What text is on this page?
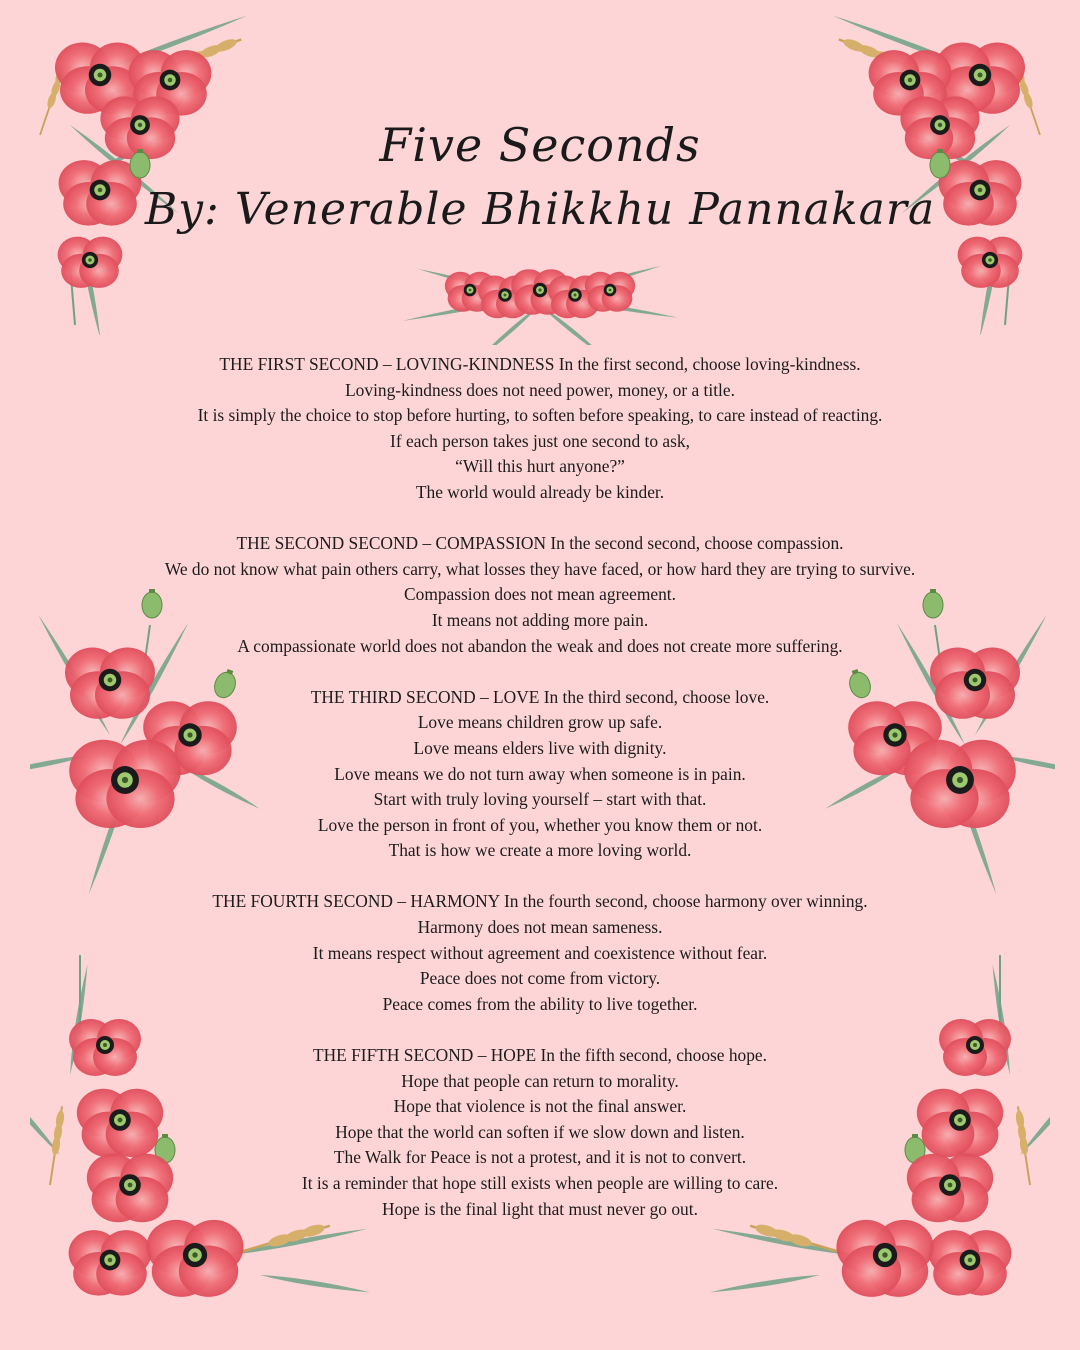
Five Seconds
By: Venerable Bhikkhu Pannakara

THE FIRST SECOND – LOVING-KINDNESS In the first second, choose loving-kindness.
Loving-kindness does not need power, money, or a title.
It is simply the choice to stop before hurting, to soften before speaking, to care instead of reacting.
If each person takes just one second to ask,
“Will this hurt anyone?”
The world would already be kinder.

THE SECOND SECOND – COMPASSION In the second second, choose compassion.
We do not know what pain others carry, what losses they have faced, or how hard they are trying to survive.
Compassion does not mean agreement.
It means not adding more pain.
A compassionate world does not abandon the weak and does not create more suffering.

THE THIRD SECOND – LOVE In the third second, choose love.
Love means children grow up safe.
Love means elders live with dignity.
Love means we do not turn away when someone is in pain.
Start with truly loving yourself – start with that.
Love the person in front of you, whether you know them or not.
That is how we create a more loving world.

THE FOURTH SECOND – HARMONY In the fourth second, choose harmony over winning.
Harmony does not mean sameness.
It means respect without agreement and coexistence without fear.
Peace does not come from victory.
Peace comes from the ability to live together.

THE FIFTH SECOND – HOPE In the fifth second, choose hope.
Hope that people can return to morality.
Hope that violence is not the final answer.
Hope that the world can soften if we slow down and listen.
The Walk for Peace is not a protest, and it is not to convert.
It is a reminder that hope still exists when people are willing to care.
Hope is the final light that must never go out.
